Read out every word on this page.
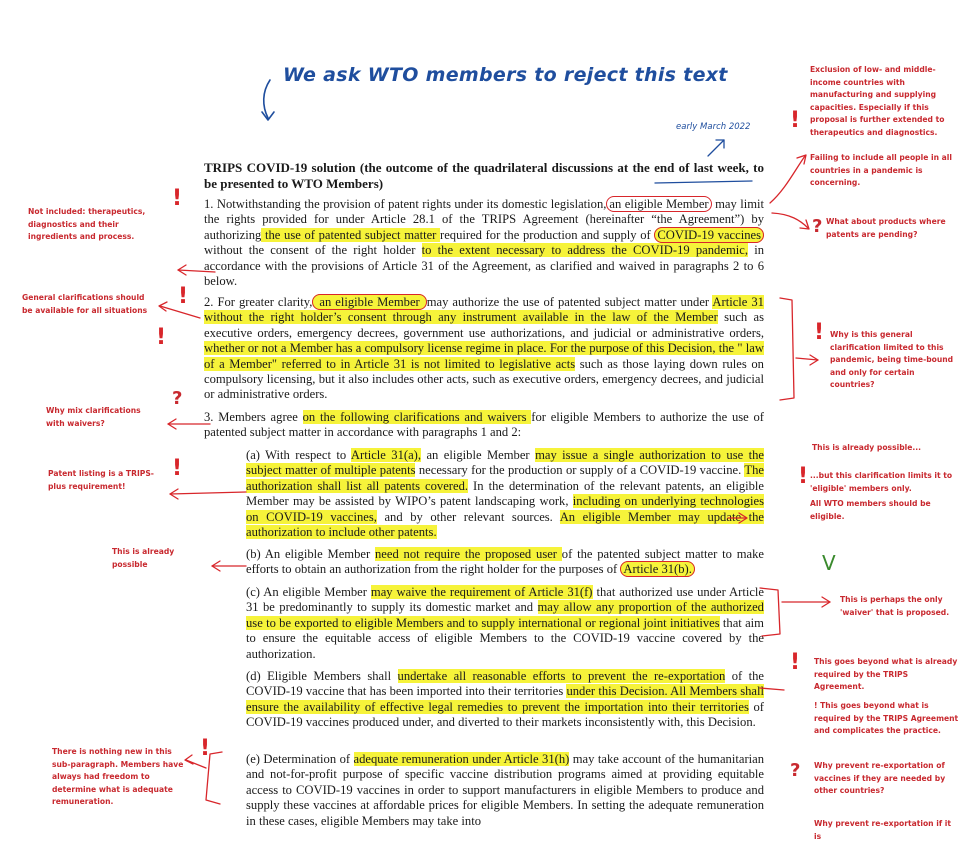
We ask WTO members to reject this text
early March 2022

TRIPS COVID-19 solution (the outcome of the quadrilateral discussions at the end of last week, to be presented to WTO Members)

1. Notwithstanding the provision of patent rights under its domestic legislation, an eligible Member may limit the rights provided for under Article 28.1 of the TRIPS Agreement (hereinafter “the Agreement”) by authorizing the use of patented subject matter required for the production and supply of COVID-19 vaccines without the consent of the right holder to the extent necessary to address the COVID-19 pandemic, in accordance with the provisions of Article 31 of the Agreement, as clarified and waived in paragraphs 2 to 6 below.

2. For greater clarity, an eligible Member may authorize the use of patented subject matter under Article 31 without the right holder’s consent through any instrument available in the law of the Member such as executive orders, emergency decrees, government use authorizations, and judicial or administrative orders, whether or not a Member has a compulsory license regime in place. For the purpose of this Decision, the " law of a Member" referred to in Article 31 is not limited to legislative acts such as those laying down rules on compulsory licensing, but it also includes other acts, such as executive orders, emergency decrees, and judicial or administrative orders.

3. Members agree on the following clarifications and waivers for eligible Members to authorize the use of patented subject matter in accordance with paragraphs 1 and 2:

(a) With respect to Article 31(a), an eligible Member may issue a single authorization to use the subject matter of multiple patents necessary for the production or supply of a COVID-19 vaccine. The authorization shall list all patents covered. In the determination of the relevant patents, an eligible Member may be assisted by WIPO’s patent landscaping work, including on underlying technologies on COVID-19 vaccines, and by other relevant sources. An eligible Member may update the authorization to include other patents.

(b) An eligible Member need not require the proposed user of the patented subject matter to make efforts to obtain an authorization from the right holder for the purposes of Article 31(b).

(c) An eligible Member may waive the requirement of Article 31(f) that authorized use under Article 31 be predominantly to supply its domestic market and may allow any proportion of the authorized use to be exported to eligible Members and to supply international or regional joint initiatives that aim to ensure the equitable access of eligible Members to the COVID-19 vaccine covered by the authorization.

(d) Eligible Members shall undertake all reasonable efforts to prevent the re-exportation of the COVID-19 vaccine that has been imported into their territories under this Decision. All Members shall ensure the availability of effective legal remedies to prevent the importation into their territories of COVID-19 vaccines produced under, and diverted to their markets inconsistently with, this Decision.

(e) Determination of adequate remuneration under Article 31(h) may take account of the humanitarian and not-for-profit purpose of specific vaccine distribution programs aimed at providing equitable access to COVID-19 vaccines in order to support manufacturers in eligible Members to produce and supply these vaccines at affordable prices for eligible Members. In setting the adequate remuneration in these cases, eligible Members may take into

Not included: therapeutics, diagnostics and their ingredients and process.
General clarifications should be available for all situations
Why mix clarifications with waivers?
Patent listing is a TRIPS-plus requirement!
This is already possible
There is nothing new in this sub-paragraph. Members have always had freedom to determine what is adequate remuneration.
Exclusion of low- and middle-income countries with manufacturing and supplying capacities. Especially if this proposal is further extended to therapeutics and diagnostics.
Failing to include all people in all countries in a pandemic is concerning.
What about products where patents are pending?
Why is this general clarification limited to this pandemic, being time-bound and only for certain countries?
This is already possible...
...but this clarification limits it to 'eligible' members only.
All WTO members should be eligible.
This is perhaps the only 'waiver' that is proposed.
This goes beyond what is already required by the TRIPS Agreement.
! This goes beyond what is required by the TRIPS Agreement and complicates the practice.
Why prevent re-exportation of vaccines if they are needed by other countries?
Why prevent re-exportation if it is
!
!
!
?
!
!
!
?
!
!
V
!
?
